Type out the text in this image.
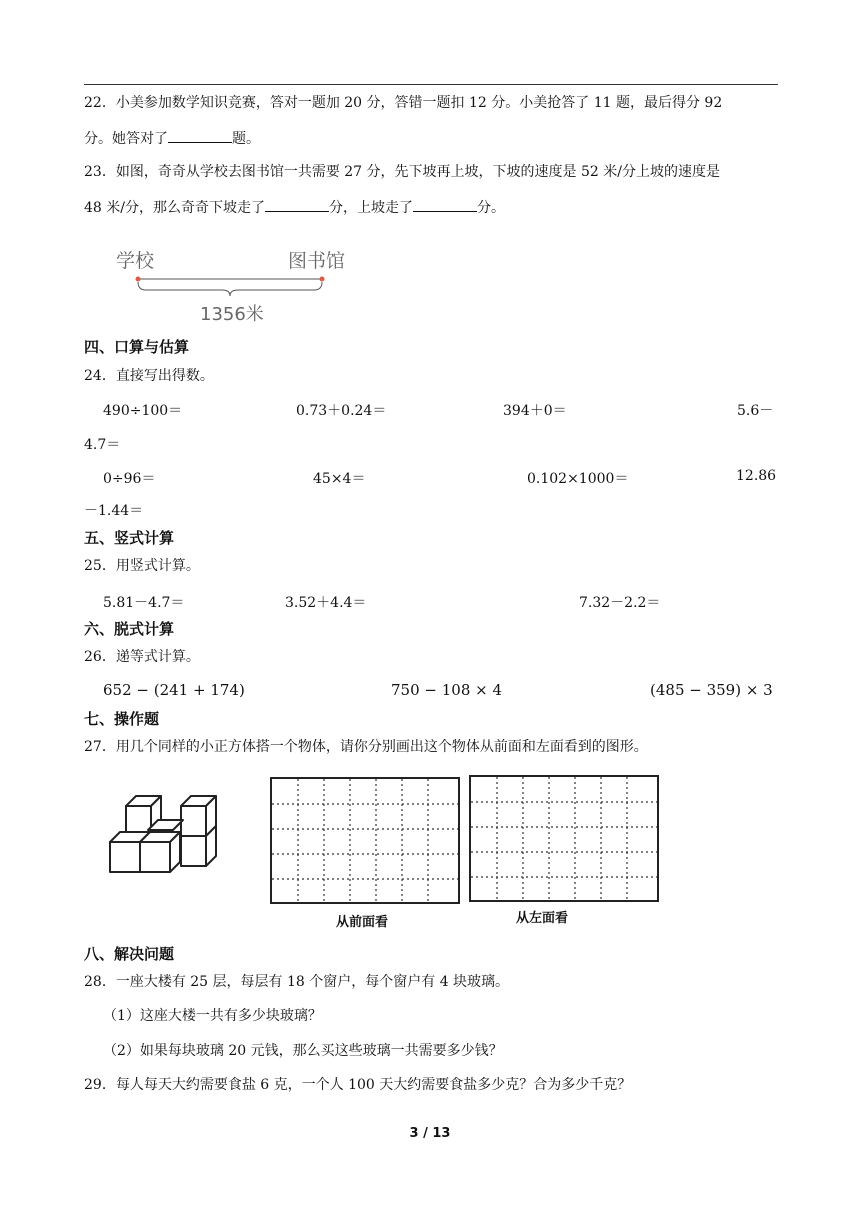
22．小美参加数学知识竞赛，答对一题加 20 分，答错一题扣 12 分。小美抢答了 11 题，最后得分 92
分。她答对了	题。
23．如图，奇奇从学校去图书馆一共需要 27 分，先下坡再上坡，下坡的速度是 52 米/分上坡的速度是
48 米/分，那么奇奇下坡走了	分，上坡走了	分。
学校	图书馆
1356米
四、口算与估算
24．直接写出得数。
490÷100＝	0.73＋0.24＝	394＋0＝	5.6－
4.7＝
0÷96＝	45×4＝	0.102×1000＝	12.86
－1.44＝
五、竖式计算
25．用竖式计算。
5.81－4.7＝	3.52＋4.4＝	7.32－2.2＝
六、脱式计算
26．递等式计算。
652 − (241 + 174)	750 − 108 × 4	(485 − 359) × 3
七、操作题
27．用几个同样的小正方体搭一个物体，请你分别画出这个物体从前面和左面看到的图形。
从前面看	从左面看
八、解决问题
28．一座大楼有 25 层，每层有 18 个窗户，每个窗户有 4 块玻璃。
（1）这座大楼一共有多少块玻璃？
（2）如果每块玻璃 20 元钱，那么买这些玻璃一共需要多少钱？
29．每人每天大约需要食盐 6 克，一个人 100 天大约需要食盐多少克？合为多少千克？
3 / 13
